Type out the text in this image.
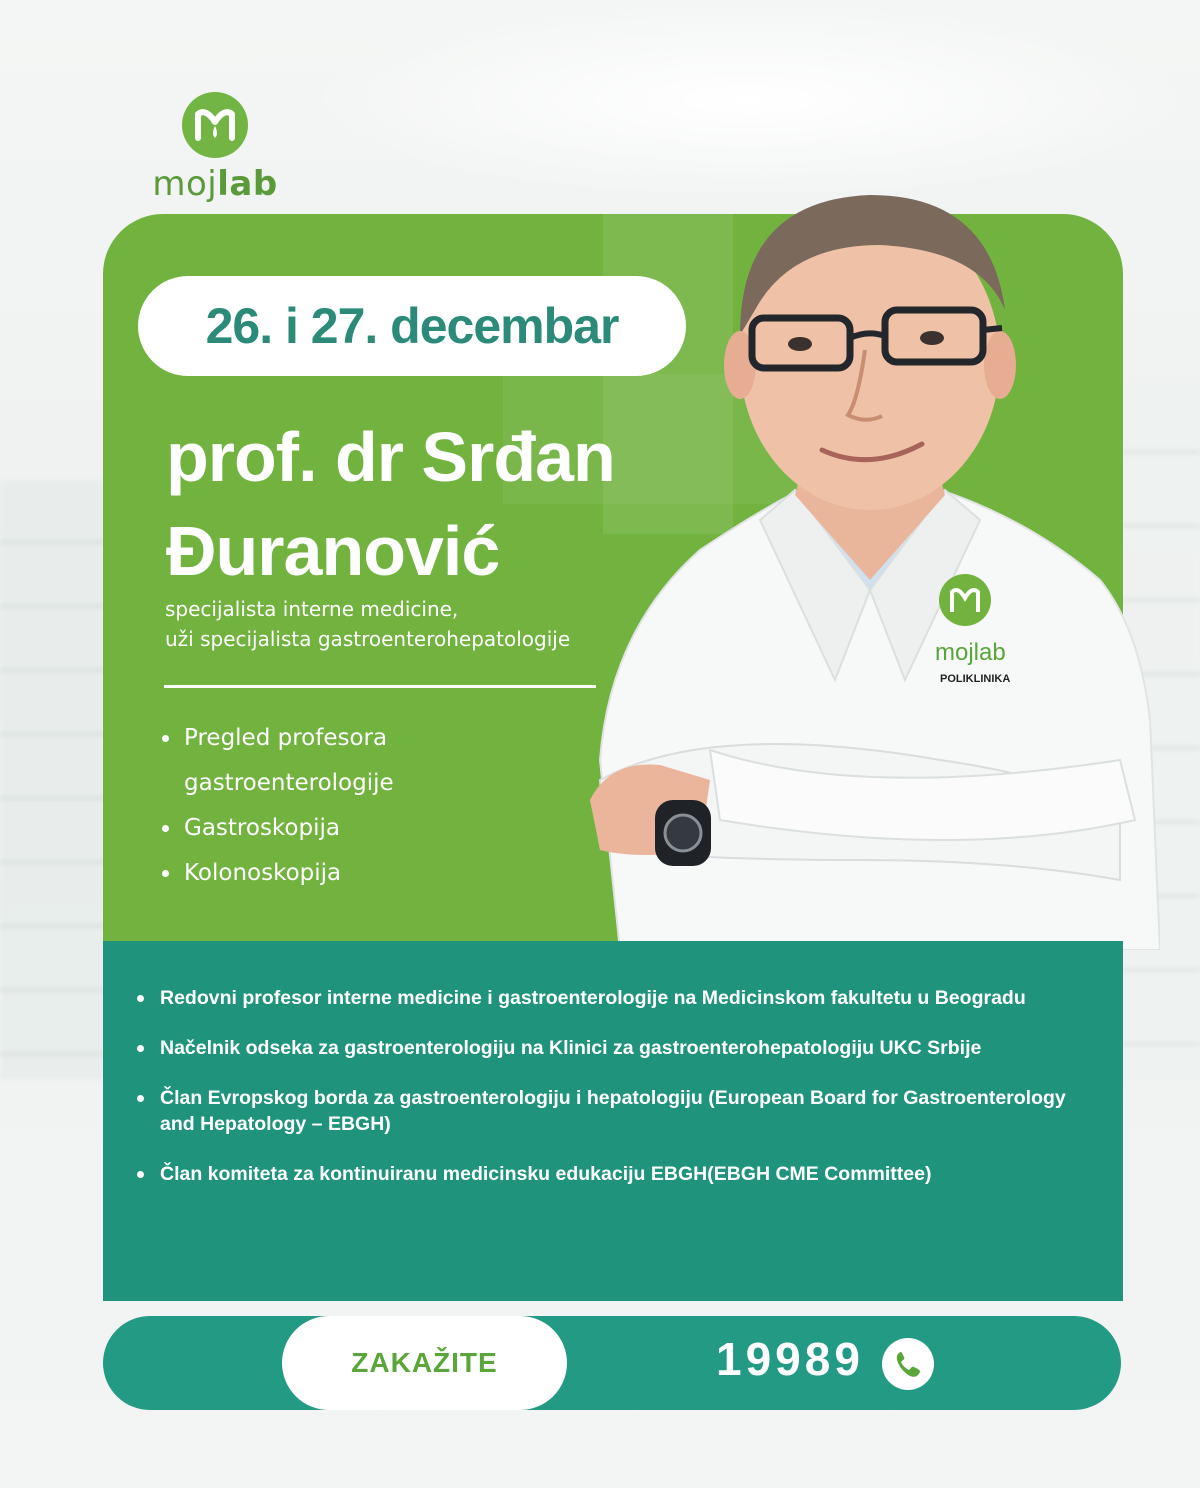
mojlab
mojlab
POLIKLINIKA
26. i 27. decembar
prof. dr Srđan
Đuranović
specijalista interne medicine,
uži specijalista gastroenterohepatologije
Pregled profesora
gastroenterologije
Gastroskopija
Kolonoskopija
Redovni profesor interne medicine i gastroenterologije na Medicinskom fakultetu u Beogradu
Načelnik odseka za gastroenterologiju na Klinici za gastroenterohepatologiju UKC Srbije
Član Evropskog borda za gastroenterologiju i hepatologiju (European Board for Gastroenterology and Hepatology – EBGH)
Član komiteta za kontinuiranu medicinsku edukaciju EBGH(EBGH CME Committee)
ZAKAŽITE	19989
